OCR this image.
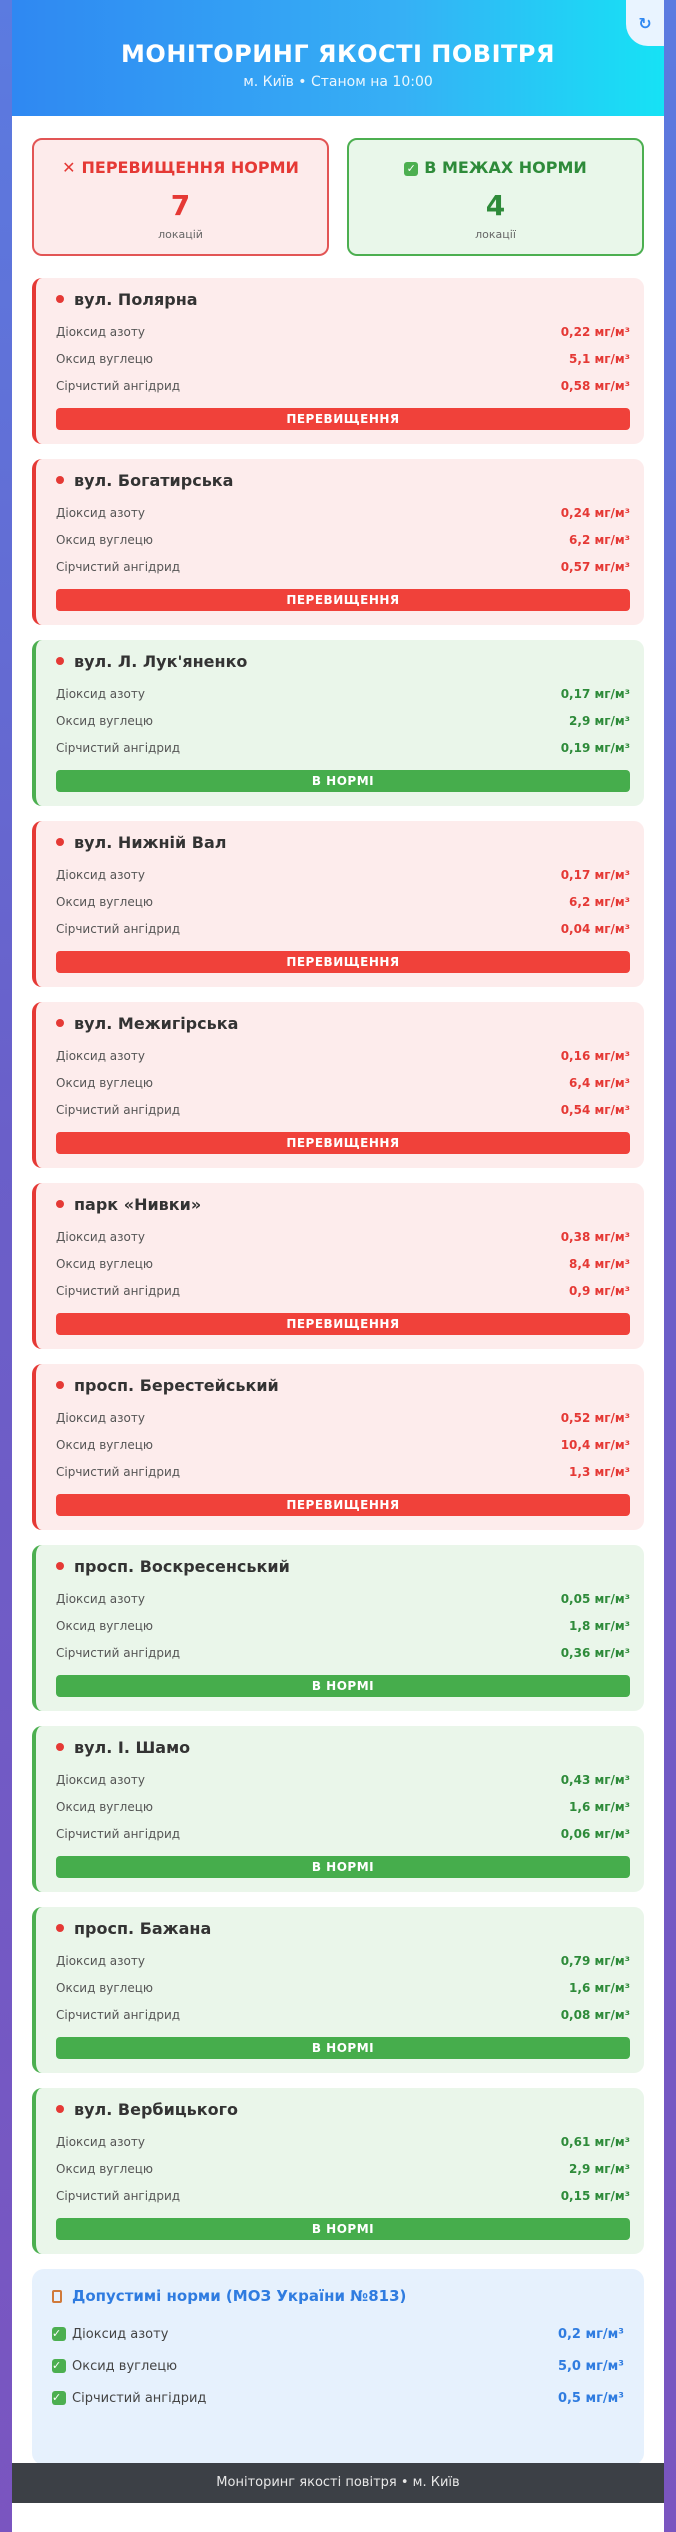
МОНІТОРИНГ ЯКОСТІ ПОВІТРЯ
м. Київ • Станом на 10:00
↻
✕ ПЕРЕВИЩЕННЯ НОРМИ
7
локацій
✓ В МЕЖАХ НОРМИ
4
локації
вул. Полярна
Діоксид азоту	0,22 мг/м³
Оксид вуглецю	5,1 мг/м³
Сірчистий ангідрид	0,58 мг/м³
ПЕРЕВИЩЕННЯ
вул. Богатирська
Діоксид азоту	0,24 мг/м³
Оксид вуглецю	6,2 мг/м³
Сірчистий ангідрид	0,57 мг/м³
ПЕРЕВИЩЕННЯ
вул. Л. Лук'яненко
Діоксид азоту	0,17 мг/м³
Оксид вуглецю	2,9 мг/м³
Сірчистий ангідрид	0,19 мг/м³
В НОРМІ
вул. Нижній Вал
Діоксид азоту	0,17 мг/м³
Оксид вуглецю	6,2 мг/м³
Сірчистий ангідрид	0,04 мг/м³
ПЕРЕВИЩЕННЯ
вул. Межигірська
Діоксид азоту	0,16 мг/м³
Оксид вуглецю	6,4 мг/м³
Сірчистий ангідрид	0,54 мг/м³
ПЕРЕВИЩЕННЯ
парк «Нивки»
Діоксид азоту	0,38 мг/м³
Оксид вуглецю	8,4 мг/м³
Сірчистий ангідрид	0,9 мг/м³
ПЕРЕВИЩЕННЯ
просп. Берестейський
Діоксид азоту	0,52 мг/м³
Оксид вуглецю	10,4 мг/м³
Сірчистий ангідрид	1,3 мг/м³
ПЕРЕВИЩЕННЯ
просп. Воскресенський
Діоксид азоту	0,05 мг/м³
Оксид вуглецю	1,8 мг/м³
Сірчистий ангідрид	0,36 мг/м³
В НОРМІ
вул. І. Шамо
Діоксид азоту	0,43 мг/м³
Оксид вуглецю	1,6 мг/м³
Сірчистий ангідрид	0,06 мг/м³
В НОРМІ
просп. Бажана
Діоксид азоту	0,79 мг/м³
Оксид вуглецю	1,6 мг/м³
Сірчистий ангідрид	0,08 мг/м³
В НОРМІ
вул. Вербицького
Діоксид азоту	0,61 мг/м³
Оксид вуглецю	2,9 мг/м³
Сірчистий ангідрид	0,15 мг/м³
В НОРМІ
Допустимі норми (МОЗ України №813)
✓ Діоксид азоту	0,2 мг/м³
✓ Оксид вуглецю	5,0 мг/м³
✓ Сірчистий ангідрид	0,5 мг/м³
Моніторинг якості повітря • м. Київ
